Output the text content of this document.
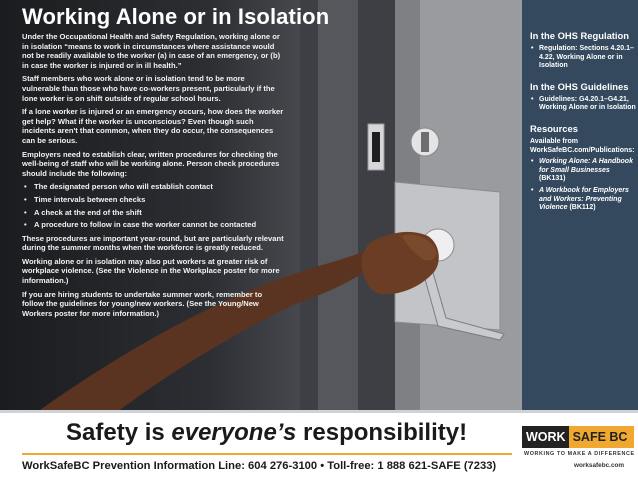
Working Alone or in Isolation

Under the Occupational Health and Safety Regulation, working alone or in isolation “means to work in circumstances where assistance would not be readily available to the worker (a) in case of an emergency, or (b) in case the worker is injured or in ill health.”

Staff members who work alone or in isolation tend to be more vulnerable than those who have co-workers present, particularly if the lone worker is on shift outside of regular school hours.

If a lone worker is injured or an emergency occurs, how does the worker get help? What if the worker is unconscious? Even though such incidents aren't that common, when they do occur, the consequences can be serious.

Employers need to establish clear, written procedures for checking the well-being of staff who will be working alone. Person check procedures should include the following:

• The designated person who will establish contact
• Time intervals between checks
• A check at the end of the shift
• A procedure to follow in case the worker cannot be contacted

These procedures are important year-round, but are particularly relevant during the summer months when the workforce is greatly reduced.

Working alone or in isolation may also put workers at greater risk of workplace violence. (See the Violence in the Workplace poster for more information.)

If you are hiring students to undertake summer work, remember to follow the guidelines for young/new workers. (See the Young/New Workers poster for more information.)

In the OHS Regulation
• Regulation: Sections 4.20.1–4.22, Working Alone or in Isolation
In the OHS Guidelines
• Guidelines: G4.20.1–G4.21, Working Alone or in Isolation
Resources
Available from WorkSafeBC.com/Publications:
• Working Alone: A Handbook for Small Businesses (BK131)
• A Workbook for Employers and Workers: Preventing Violence (BK112)
Safety is everyone’s responsibility!
WorkSafeBC Prevention Information Line: 604 276-3100 • Toll-free: 1 888 621-SAFE (7233)
WORK SAFE BC
WORKING TO MAKE A DIFFERENCE
worksafebc.com
